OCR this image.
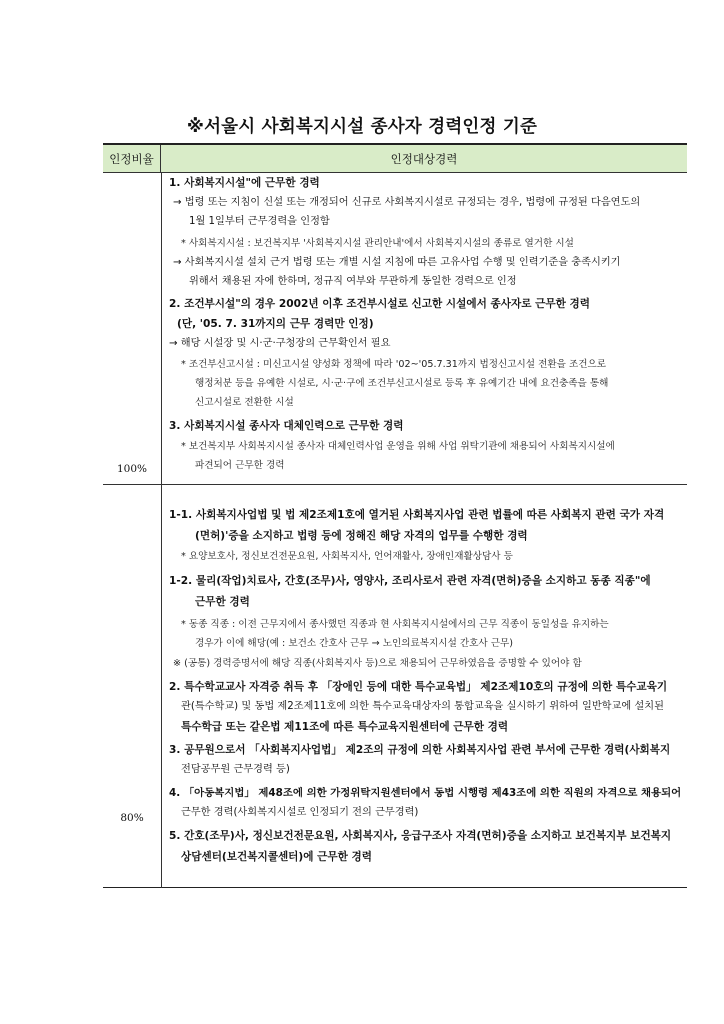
※서울시 사회복지시설 종사자 경력인정 기준
인정비율	인정대상경력
100%
80%
1. 사회복지시설"에 근무한 경력
→ 법령 또는 지침이 신설 또는 개정되어 신규로 사회복지시설로 규정되는 경우, 법령에 규정된 다음연도의
1월 1일부터 근무경력을 인정함
* 사회복지시설 : 보건복지부 '사회복지시설 관리안내'에서 사회복지시설의 종류로 열거한 시설
→ 사회복지시설 설치 근거 법령 또는 개별 시설 지침에 따른 고유사업 수행 및 인력기준을 충족시키기
위해서 채용된 자에 한하며, 정규직 여부와 무관하게 동일한 경력으로 인정
2. 조건부시설"의 경우 2002년 이후 조건부시설로 신고한 시설에서 종사자로 근무한 경력
(단, '05. 7. 31까지의 근무 경력만 인정)
→ 해당 시설장 및 시·군·구청장의 근무확인서 필요
* 조건부신고시설 : 미신고시설 양성화 정책에 따라 '02~'05.7.31까지 법정신고시설 전환을 조건으로
행정처분 등을 유예한 시설로, 시·군·구에 조건부신고시설로 등록 후 유예기간 내에 요건충족을 통해
신고시설로 전환한 시설
3. 사회복지시설 종사자 대체인력으로 근무한 경력
* 보건복지부 사회복지시설 종사자 대체인력사업 운영을 위해 사업 위탁기관에 채용되어 사회복지시설에
파견되어 근무한 경력
1-1. 사회복지사업법 및 법 제2조제1호에 열거된 사회복지사업 관련 법률에 따른 사회복지 관련 국가 자격
(면허)'증을 소지하고 법령 등에 정해진 해당 자격의 업무를 수행한 경력
* 요양보호사, 정신보건전문요원, 사회복지사, 언어재활사, 장애인재활상담사 등
1-2. 물리(작업)치료사, 간호(조무)사, 영양사, 조리사로서 관련 자격(면허)증을 소지하고 동종 직종"에
근무한 경력
* 동종 직종 : 이전 근무지에서 종사했던 직종과 현 사회복지시설에서의 근무 직종이 동일성을 유지하는
경우가 이에 해당(예 : 보건소 간호사 근무 → 노인의료복지시설 간호사 근무)
※ (공통) 경력증명서에 해당 직종(사회복지사 등)으로 채용되어 근무하였음을 증명할 수 있어야 함
2. 특수학교교사 자격증 취득 후 「장애인 등에 대한 특수교육법」 제2조제10호의 규정에 의한 특수교육기
관(특수학교) 및 동법 제2조제11호에 의한 특수교육대상자의 통합교육을 실시하기 위하여 일반학교에 설치된
특수학급 또는 같은법 제11조에 따른 특수교육지원센터에 근무한 경력
3. 공무원으로서 「사회복지사업법」 제2조의 규정에 의한 사회복지사업 관련 부서에 근무한 경력(사회복지
전담공무원 근무경력 등)
4. 「아동복지법」 제48조에 의한 가정위탁지원센터에서 동법 시행령 제43조에 의한 직원의 자격으로 채용되어
근무한 경력(사회복지시설로 인정되기 전의 근무경력)
5. 간호(조무)사, 정신보건전문요원, 사회복지사, 응급구조사 자격(면허)증을 소지하고 보건복지부 보건복지
상담센터(보건복지콜센터)에 근무한 경력
